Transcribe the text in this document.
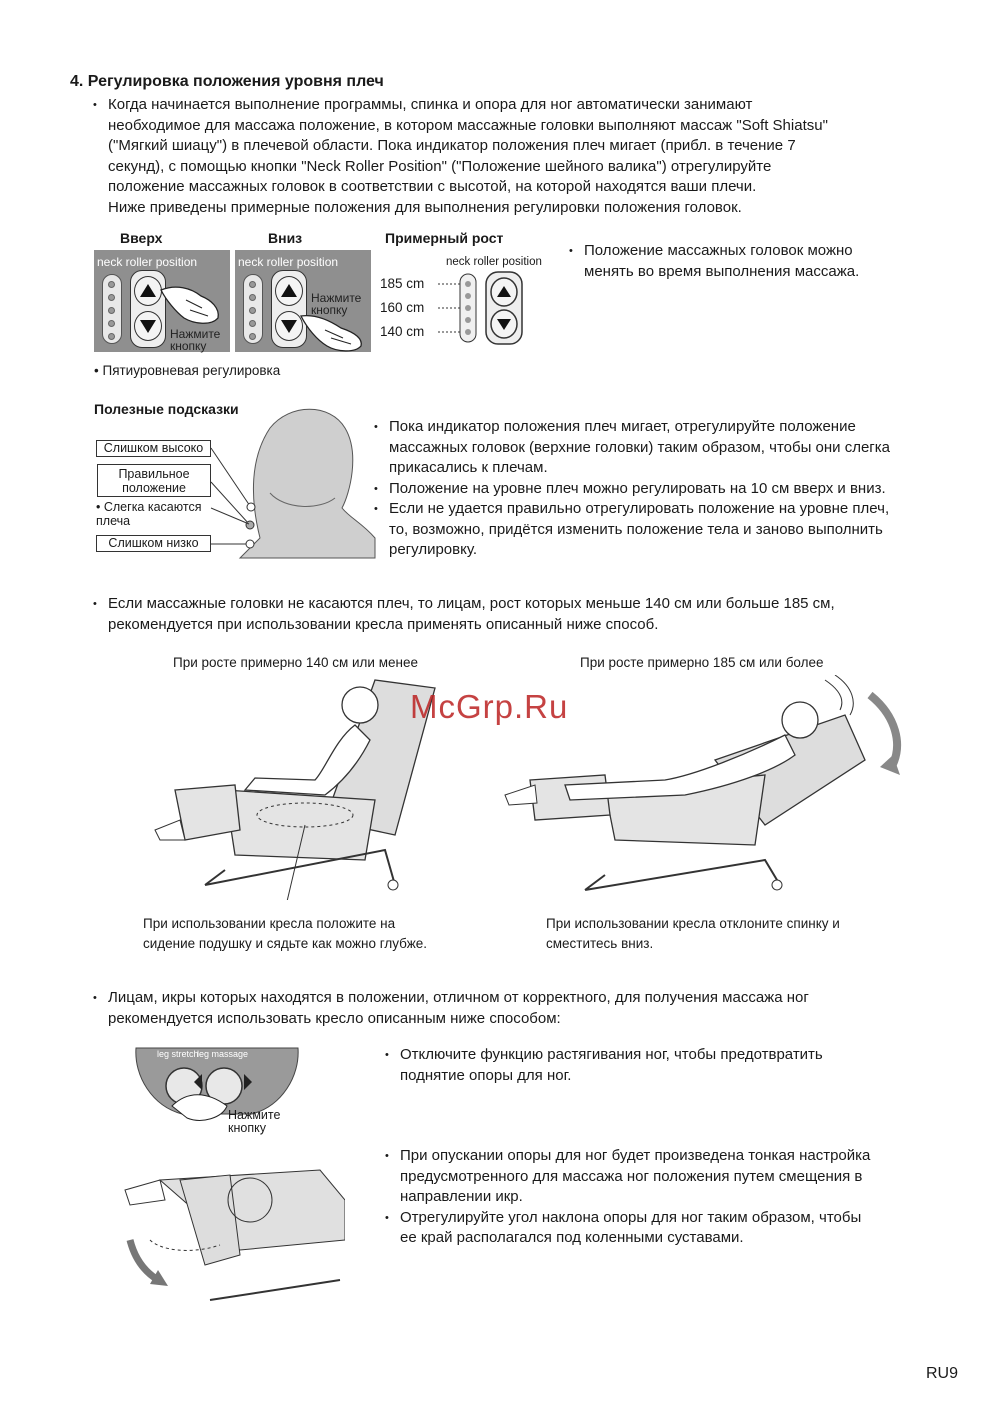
4. Регулировка положения уровня плеч
• Когда начинается выполнение программы, спинка и опора для ног автоматически занимают
необходимое для массажа положение, в котором массажные головки выполняют массаж "Soft Shiatsu"
("Мягкий шиацу") в плечевой области. Пока индикатор положения плеч мигает (прибл. в течение 7
секунд), с помощью кнопки "Neck Roller Position" ("Положение шейного валика") отрегулируйте
положение массажных головок в соответствии с высотой, на которой находятся ваши плечи.
Ниже приведены примерные положения для выполнения регулировки положения головок.
Вверх	Вниз	Примерный рост
neck roller position
Нажмите
кнопку
neck roller position
Нажмите
кнопку
neck roller position
185 cm
160 cm
140 cm
• Пятиуровневая регулировка
• Положение массажных головок можно
менять во время выполнения массажа.
Полезные подсказки
Слишком высоко
Правильное положение
• Слегка касаются плеча
Слишком низко
• Пока индикатор положения плеч мигает, отрегулируйте положение
массажных головок (верхние головки) таким образом, чтобы они слегка
прикасались к плечам.
• Положение на уровне плеч можно регулировать на 10 см вверх и вниз.
• Если не удается правильно отрегулировать положение на уровне плеч,
то, возможно, придётся изменить положение тела и заново выполнить
регулировку.
• Если массажные головки не касаются плеч, то лицам, рост которых меньше 140 см или больше 185 см,
рекомендуется при использовании кресла применять описанный ниже способ.
При росте примерно 140 см или менее	При росте примерно 185 см или более
McGrp.Ru
При использовании кресла положите на
сидение подушку и сядьте как можно глубже.
При использовании кресла отклоните спинку и
сместитесь вниз.
• Лицам, икры которых находятся в положении, отличном от корректного, для получения массажа ног
рекомендуется использовать кресло описанным ниже способом:
leg stretch
leg massage
Нажмите
кнопку
• Отключите функцию растягивания ног, чтобы предотвратить
поднятие опоры для ног.
• При опускании опоры для ног будет произведена тонкая настройка
предусмотренного для массажа ног положения путем смещения в
направлении икр.
• Отрегулируйте угол наклона опоры для ног таким образом, чтобы
ее край располагался под коленными суставами.
RU9
